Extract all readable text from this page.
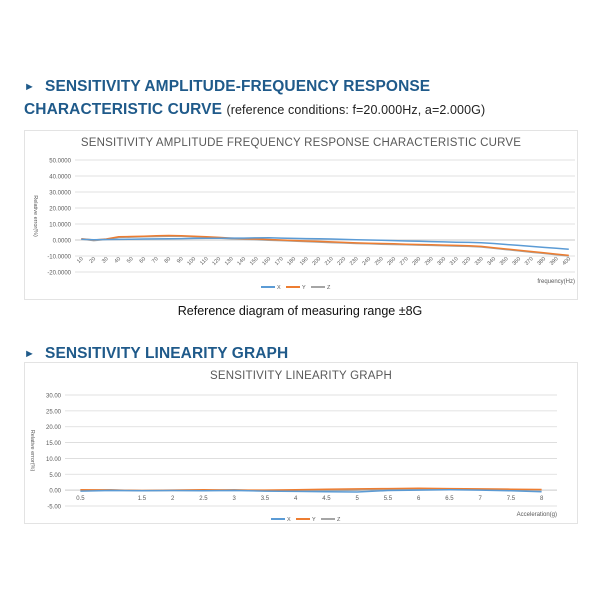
► SENSITIVITY AMPLITUDE-FREQUENCY RESPONSE
CHARACTERISTIC CURVE (reference conditions: f=20.000Hz, a=2.000G)
SENSITIVITY AMPLITUDE FREQUENCY RESPONSE CHARACTERISTIC CURVE
-20.0000
-10.0000
0.0000
10.0000
20.0000
30.0000
40.0000
50.0000
Relative error(%)
10 20 30 40 50 60 70 80 90 100 110 120 130 140 150 160 170 180 190 200 210 220 230 240 250 260 270 280 290 300 310 320 330 340 350 360 370 380 390 400
frequency(Hz)
X	Y	Z
Reference diagram of measuring range ±8G
► SENSITIVITY LINEARITY GRAPH
SENSITIVITY LINEARITY GRAPH
-5.00
0.00
5.00
10.00
15.00
20.00
25.00
30.00
Relative error(%)
0.5	1.5	2	2.5	3	3.5	4	4.5	5	5.5	6	6.5	7	7.5	8
Acceleration(g)
X	Y	Z
